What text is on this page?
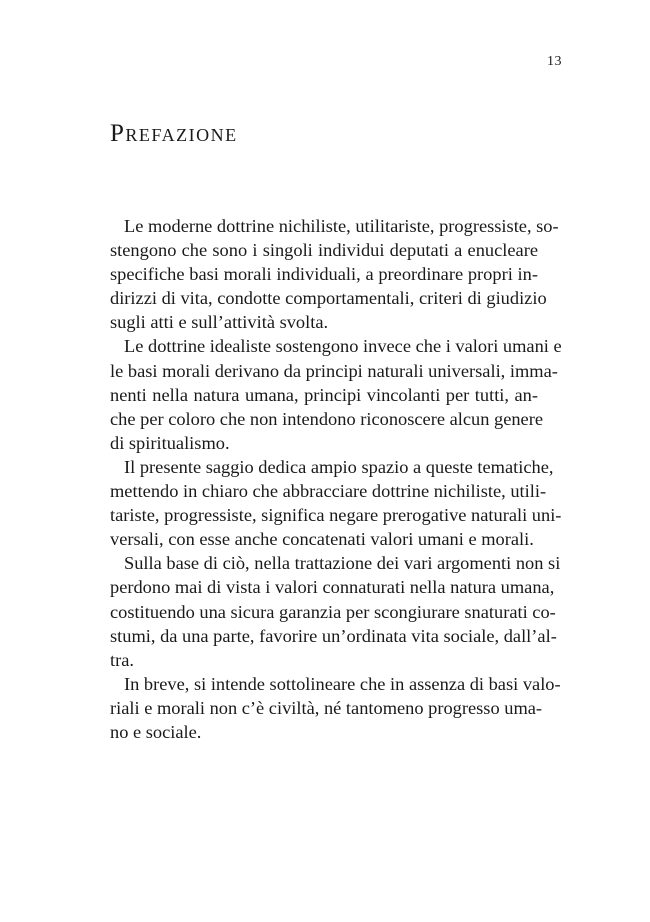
13
Prefazione
Le moderne dottrine nichiliste, utilitariste, progressiste, so-
stengono che sono i singoli individui deputati a enucleare
specifiche basi morali individuali, a preordinare propri in-
dirizzi di vita, condotte comportamentali, criteri di giudizio
sugli atti e sull’attività svolta.
Le dottrine idealiste sostengono invece che i valori umani e
le basi morali derivano da principi naturali universali, imma-
nenti nella natura umana, principi vincolanti per tutti, an-
che per coloro che non intendono riconoscere alcun genere
di spiritualismo.
Il presente saggio dedica ampio spazio a queste tematiche,
mettendo in chiaro che abbracciare dottrine nichiliste, utili-
tariste, progressiste, significa negare prerogative naturali uni-
versali, con esse anche concatenati valori umani e morali.
Sulla base di ciò, nella trattazione dei vari argomenti non si
perdono mai di vista i valori connaturati nella natura umana,
costituendo una sicura garanzia per scongiurare snaturati co-
stumi, da una parte, favorire un’ordinata vita sociale, dall’al-
tra.
In breve, si intende sottolineare che in assenza di basi valo-
riali e morali non c’è civiltà, né tantomeno progresso uma-
no e sociale.
